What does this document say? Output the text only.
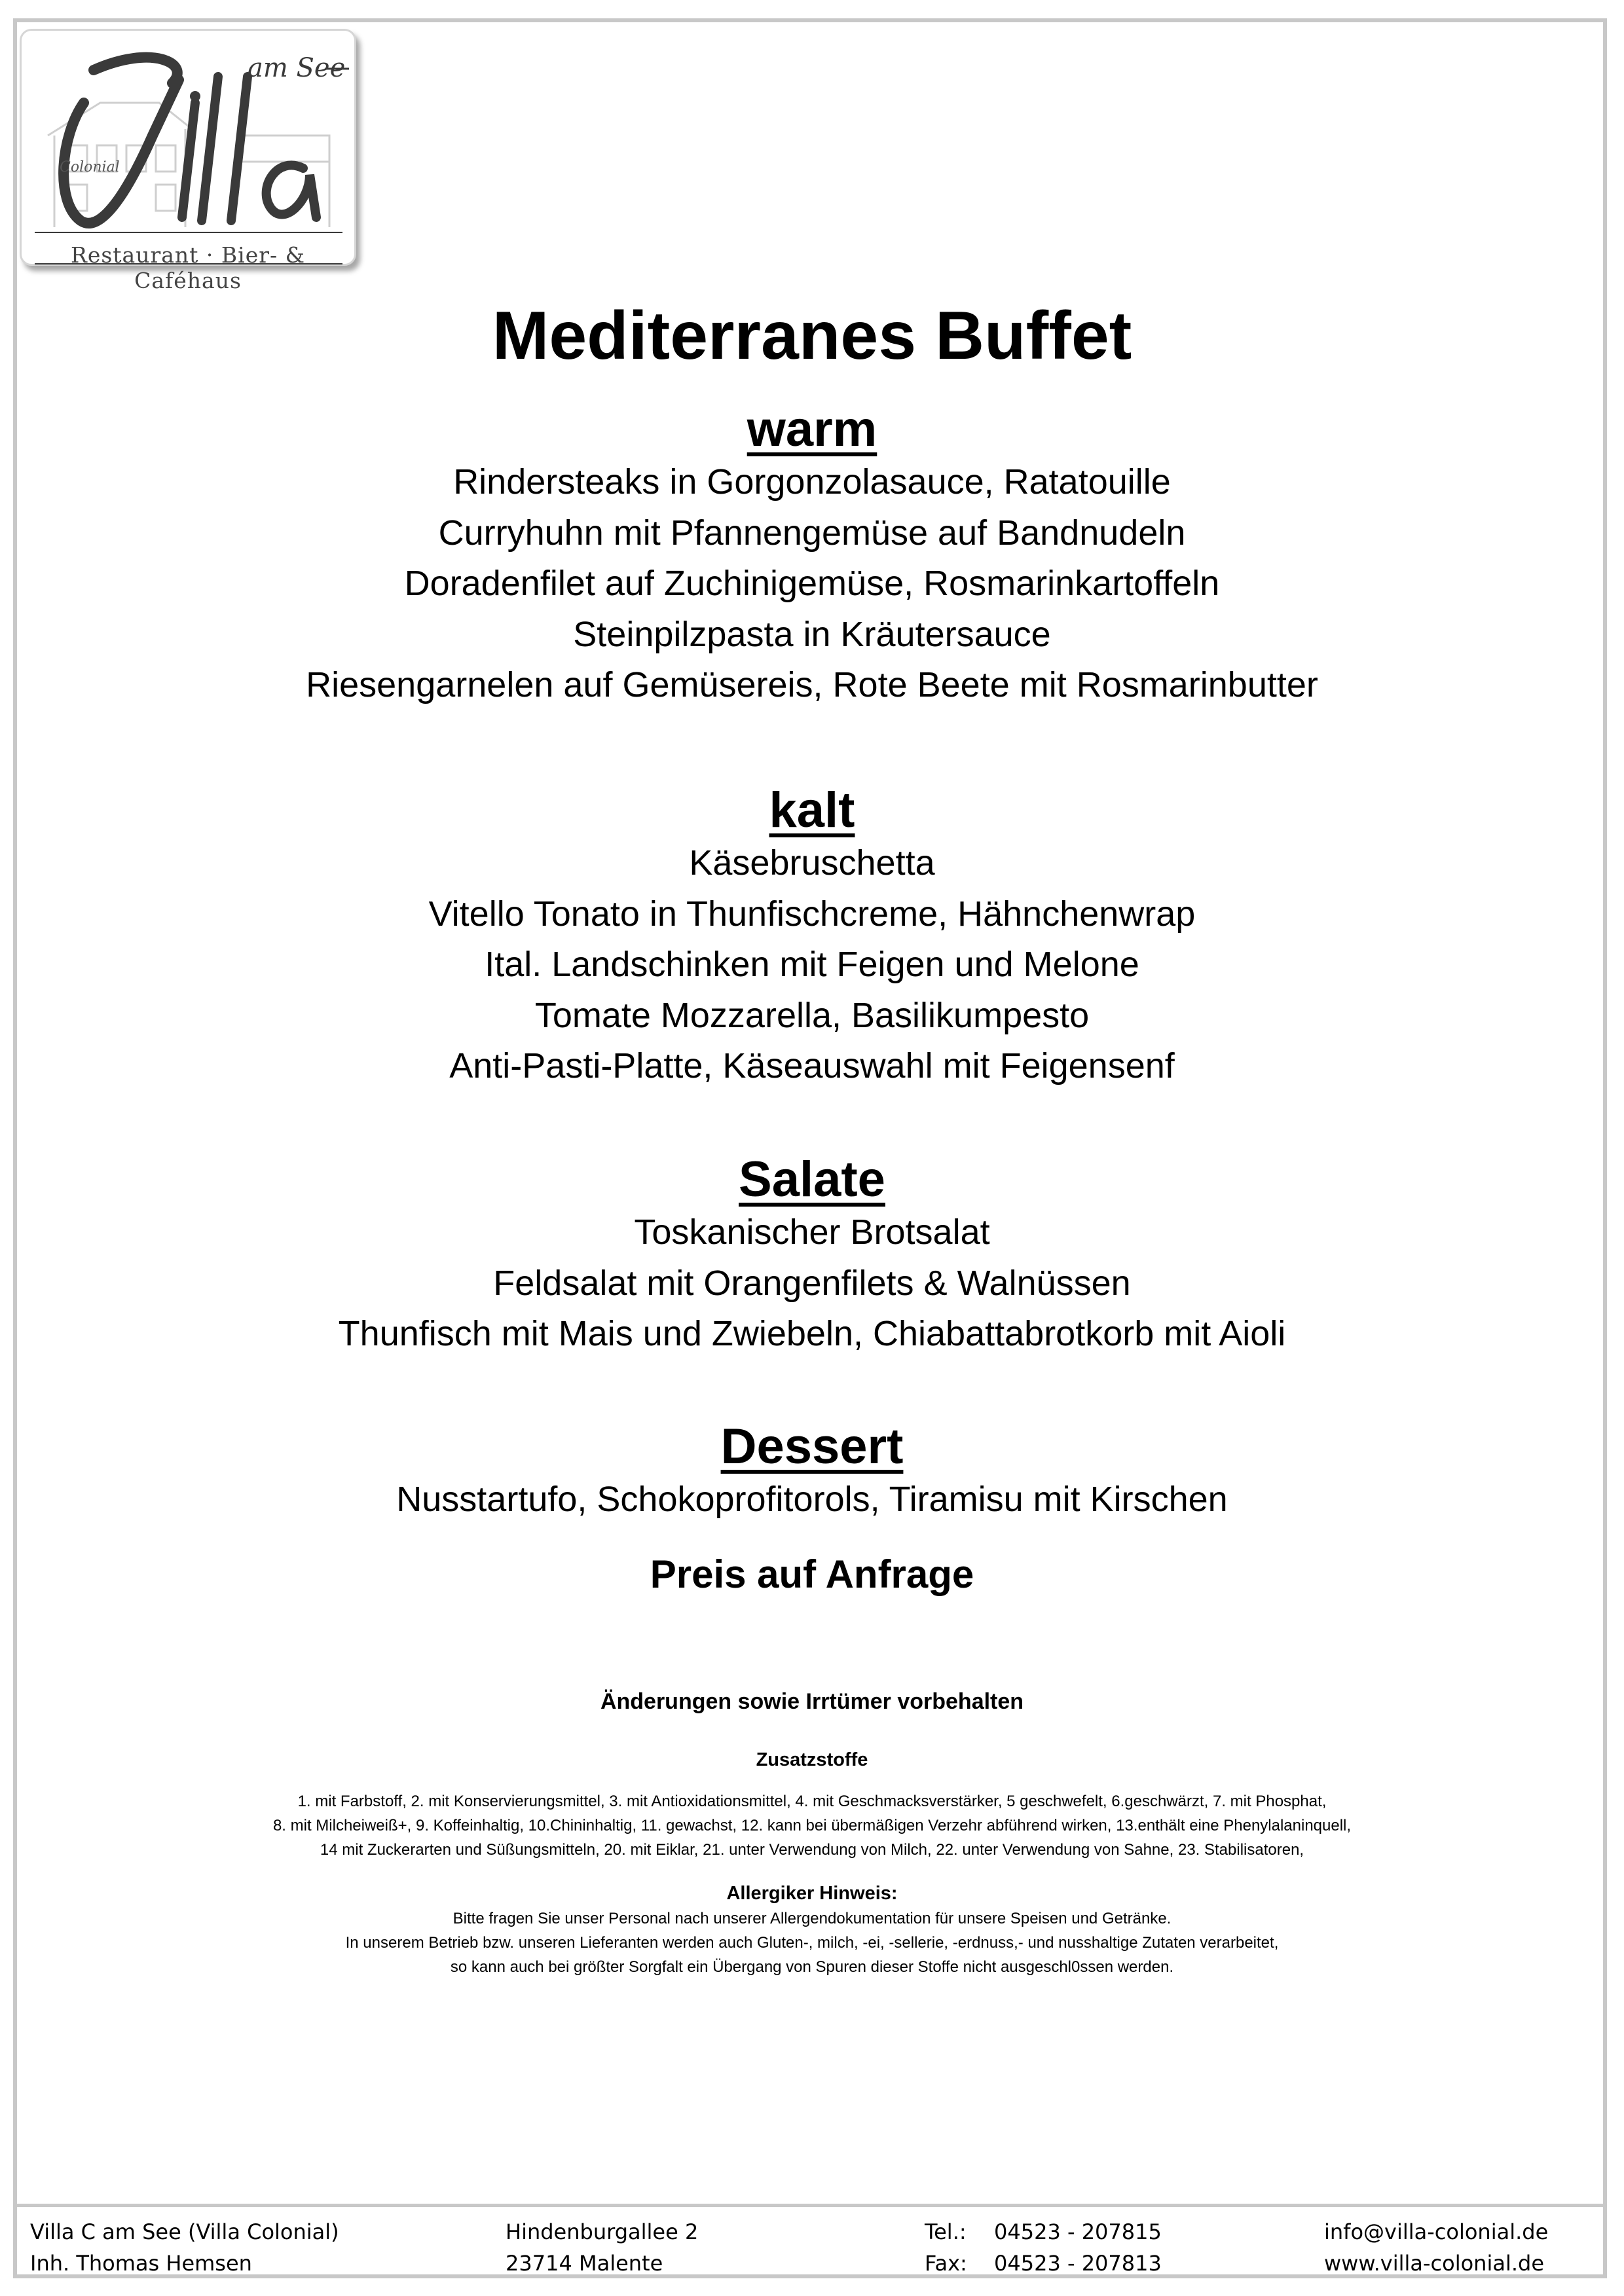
am See
Colonial
Restaurant · Bier- & Caféhaus
Mediterranes Buffet
warm
Rindersteaks in Gorgonzolasauce, Ratatouille
Curryhuhn mit Pfannengemüse auf Bandnudeln
Doradenfilet auf Zuchinigemüse, Rosmarinkartoffeln
Steinpilzpasta in Kräutersauce
Riesengarnelen auf Gemüsereis, Rote Beete mit Rosmarinbutter
kalt
Käsebruschetta
Vitello Tonato in Thunfischcreme, Hähnchenwrap
Ital. Landschinken mit Feigen und Melone
Tomate Mozzarella, Basilikumpesto
Anti-Pasti-Platte, Käseauswahl mit Feigensenf
Salate
Toskanischer Brotsalat
Feldsalat mit Orangenfilets & Walnüssen
Thunfisch mit Mais und Zwiebeln, Chiabattabrotkorb mit Aioli
Dessert
Nusstartufo, Schokoprofitorols, Tiramisu mit Kirschen
Preis auf Anfrage
Änderungen sowie Irrtümer vorbehalten
Zusatzstoffe
1. mit Farbstoff, 2. mit Konservierungsmittel, 3. mit Antioxidationsmittel, 4. mit Geschmacksverstärker, 5 geschwefelt, 6.geschwärzt, 7. mit Phosphat,
8. mit Milcheiweiß+, 9. Koffeinhaltig, 10.Chininhaltig, 11. gewachst, 12. kann bei übermäßigen Verzehr abführend wirken, 13.enthält eine Phenylalaninquell,
14 mit Zuckerarten und Süßungsmitteln, 20. mit Eiklar, 21. unter Verwendung von Milch, 22. unter Verwendung von Sahne, 23. Stabilisatoren,
Allergiker Hinweis:
Bitte fragen Sie unser Personal nach unserer Allergendokumentation für unsere Speisen und Getränke.
In unserem Betrieb bzw. unseren Lieferanten werden auch Gluten-, milch, -ei, -sellerie, -erdnuss,- und nusshaltige Zutaten verarbeitet,
so kann auch bei größter Sorgfalt ein Übergang von Spuren dieser Stoffe nicht ausgeschl0ssen werden.
Villa C am See (Villa Colonial)
Inh. Thomas Hemsen
Hindenburgallee 2
23714 Malente
Tel.: 04523 - 207815
Fax: 04523 - 207813
info@villa-colonial.de
www.villa-colonial.de
